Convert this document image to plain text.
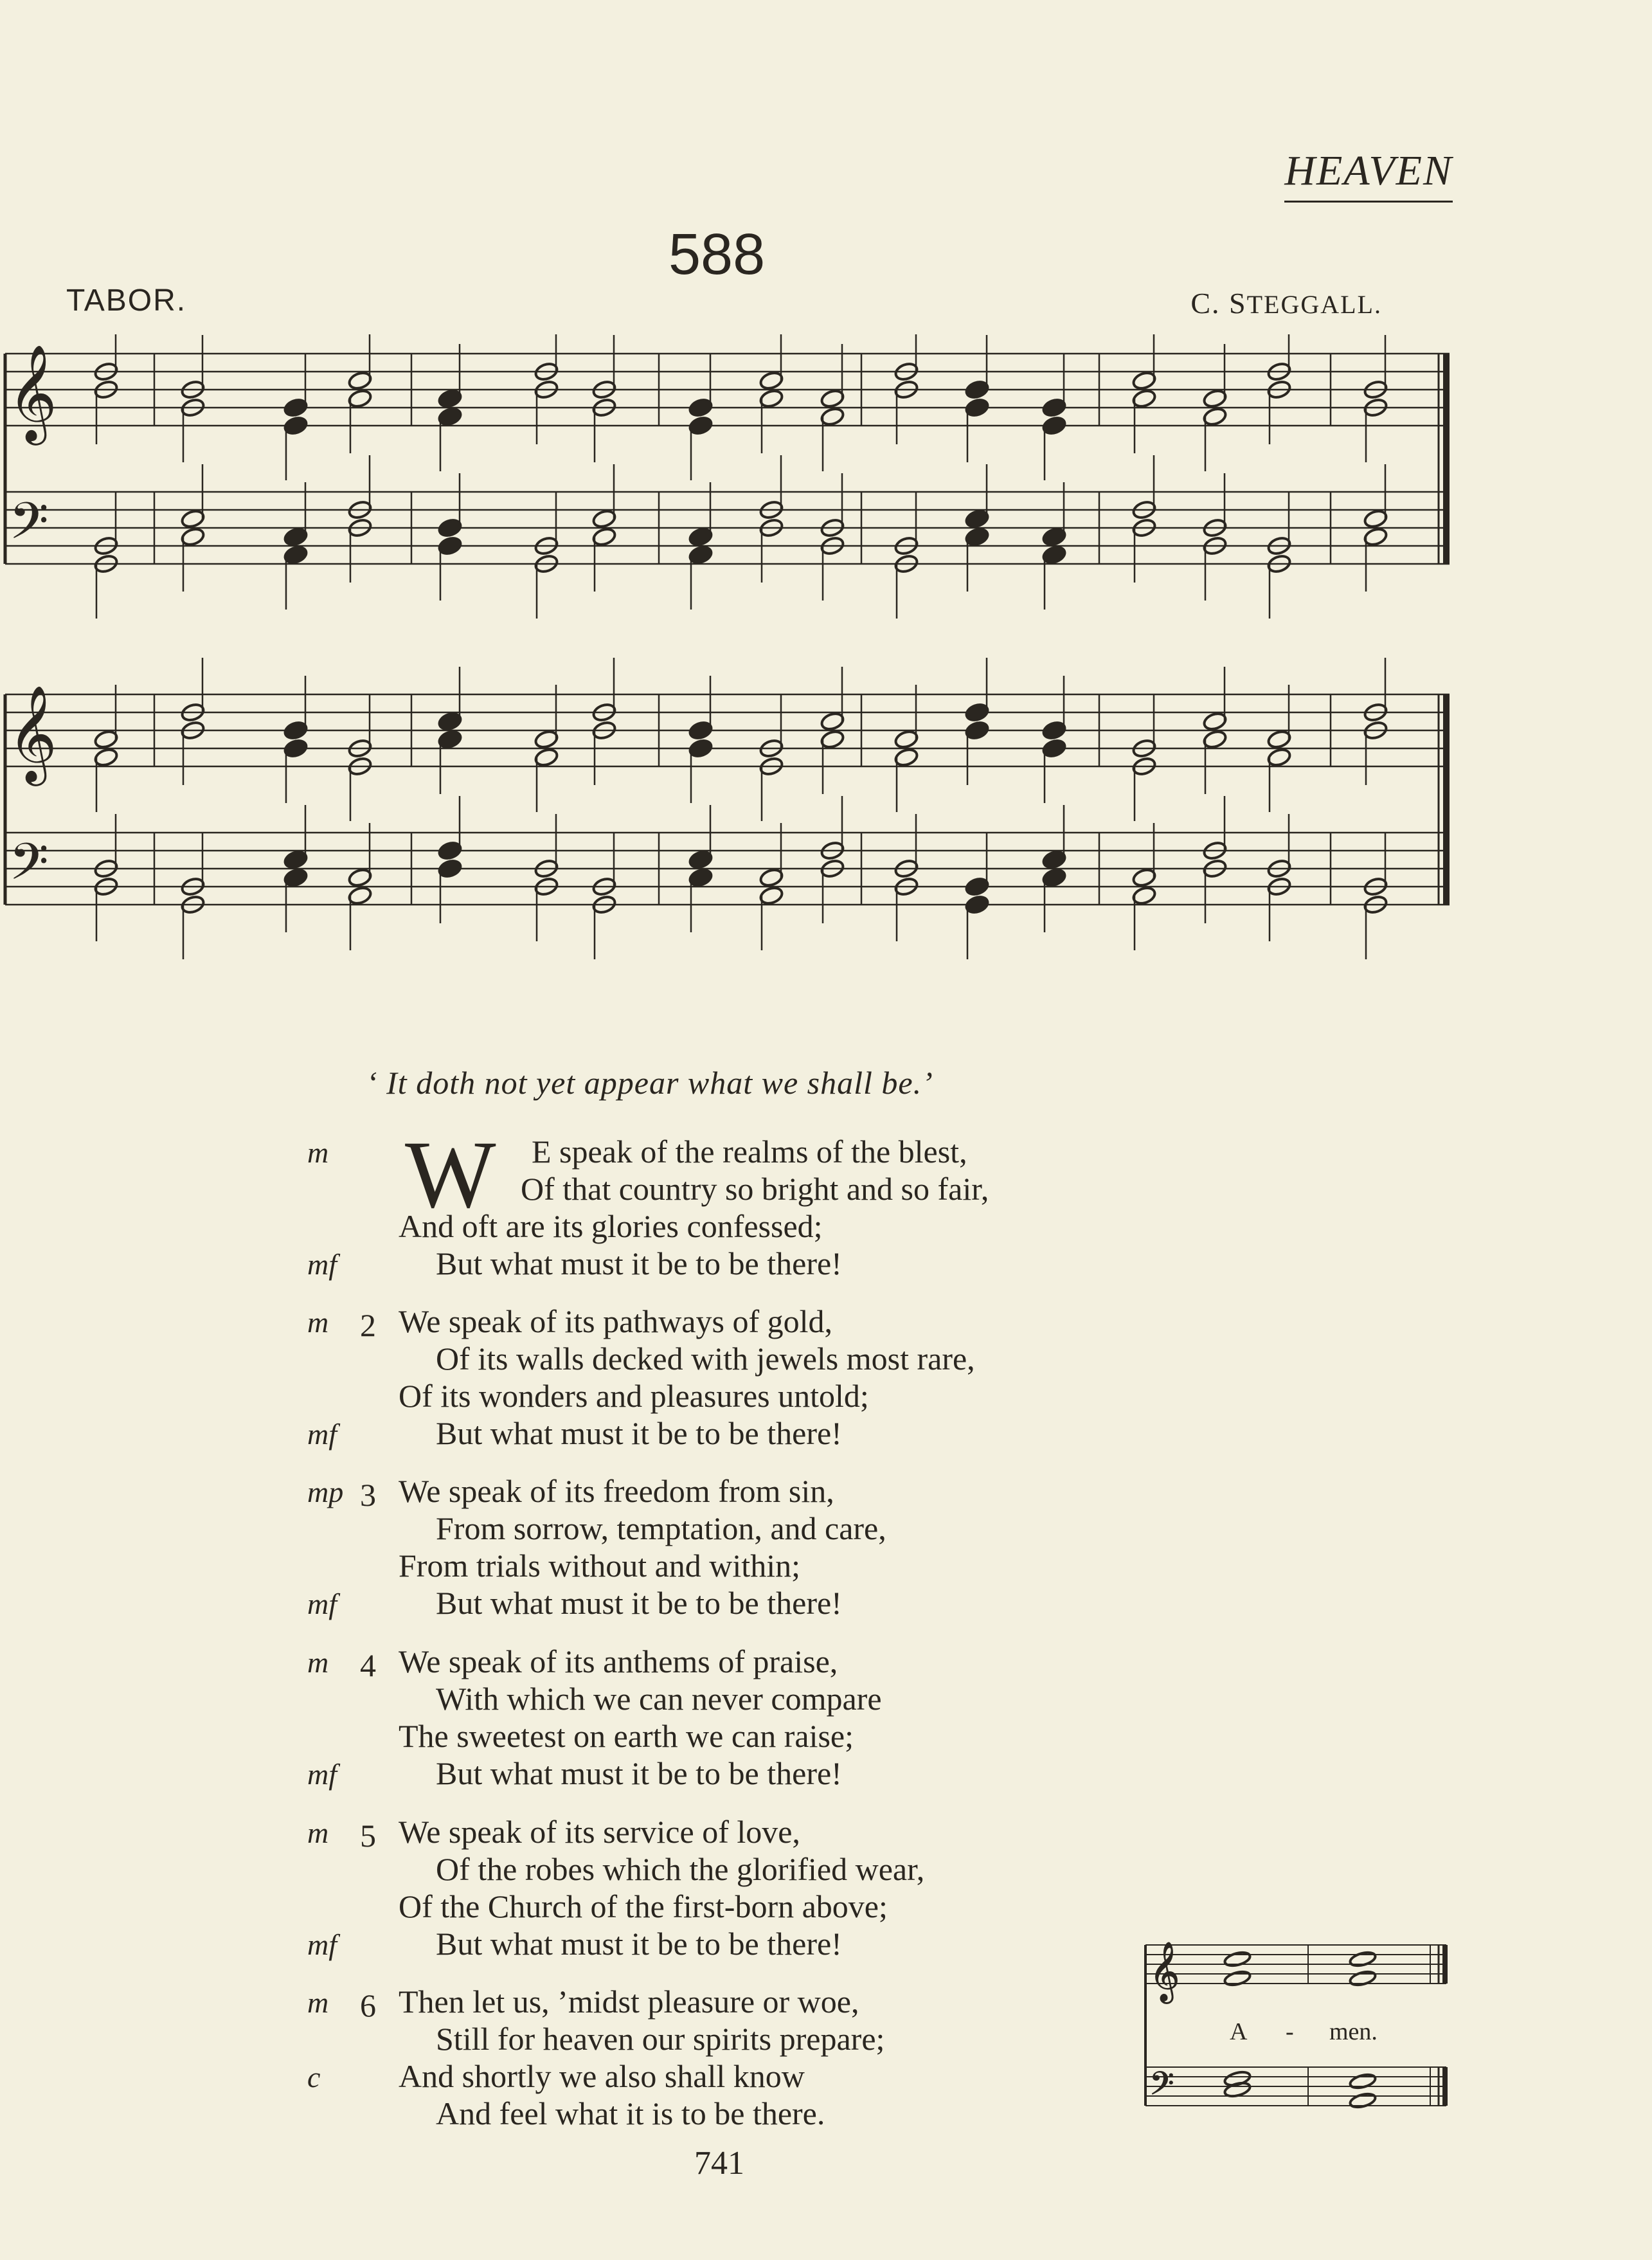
HEAVEN
588
TABOR.	C. STEGGALL.
𝄞
𝄞
𝄢
𝄢
‘ It doth not yet appear what we shall be.’
W E speak of the realms of the blest,
m
Of that country so bright and so fair,
And oft are its glories confessed;
But what must it be to be there!
mf
We speak of its pathways of gold,
m
Of its walls decked with jewels most rare,
Of its wonders and pleasures untold;
But what must it be to be there!
mf
2
We speak of its freedom from sin,
mp
From sorrow, temptation, and care,
From trials without and within;
But what must it be to be there!
mf
3
We speak of its anthems of praise,
m
With which we can never compare
The sweetest on earth we can raise;
But what must it be to be there!
mf
4
We speak of its service of love,
m
Of the robes which the glorified wear,
Of the Church of the first-born above;
But what must it be to be there!
mf
5
Then let us, ’midst pleasure or woe,
m
Still for heaven our spirits prepare;
And shortly we also shall know
c
And feel what it is to be there.
6
𝄞
𝄢
A - men.
741
